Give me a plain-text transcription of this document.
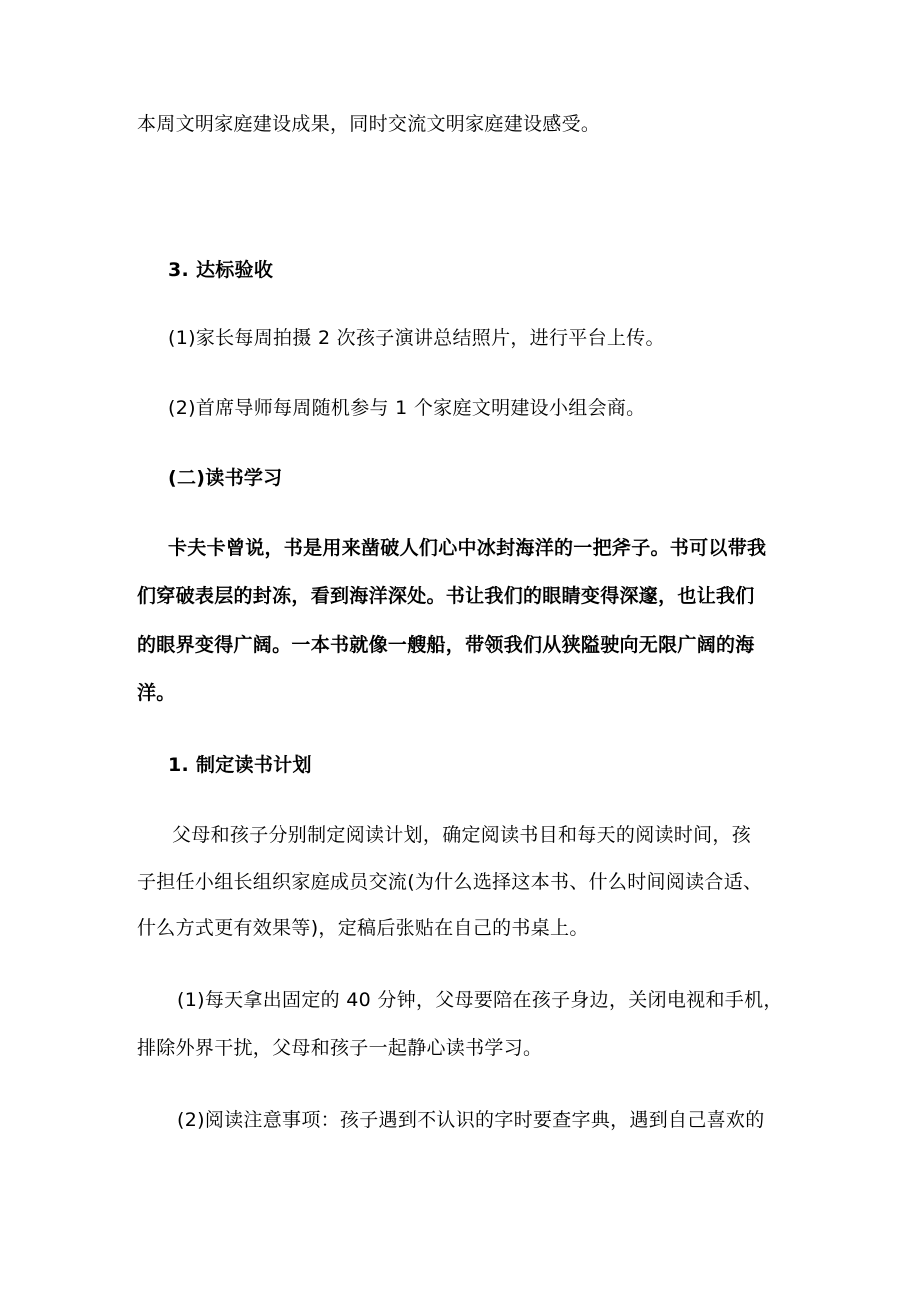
本周文明家庭建设成果，同时交流文明家庭建设感受。
3. 达标验收
(1)家长每周拍摄 2 次孩子演讲总结照片，进行平台上传。
(2)首席导师每周随机参与 1 个家庭文明建设小组会商。
(二)读书学习
卡夫卡曾说，书是用来凿破人们心中冰封海洋的一把斧子。书可以带我
们穿破表层的封冻，看到海洋深处。书让我们的眼睛变得深邃，也让我们
的眼界变得广阔。一本书就像一艘船，带领我们从狭隘驶向无限广阔的海
洋。
1. 制定读书计划
父母和孩子分别制定阅读计划，确定阅读书目和每天的阅读时间，孩
子担任小组长组织家庭成员交流(为什么选择这本书、什么时间阅读合适、
什么方式更有效果等)，定稿后张贴在自己的书桌上。
(1)每天拿出固定的 40 分钟，父母要陪在孩子身边，关闭电视和手机，
排除外界干扰，父母和孩子一起静心读书学习。
(2)阅读注意事项：孩子遇到不认识的字时要查字典，遇到自己喜欢的
